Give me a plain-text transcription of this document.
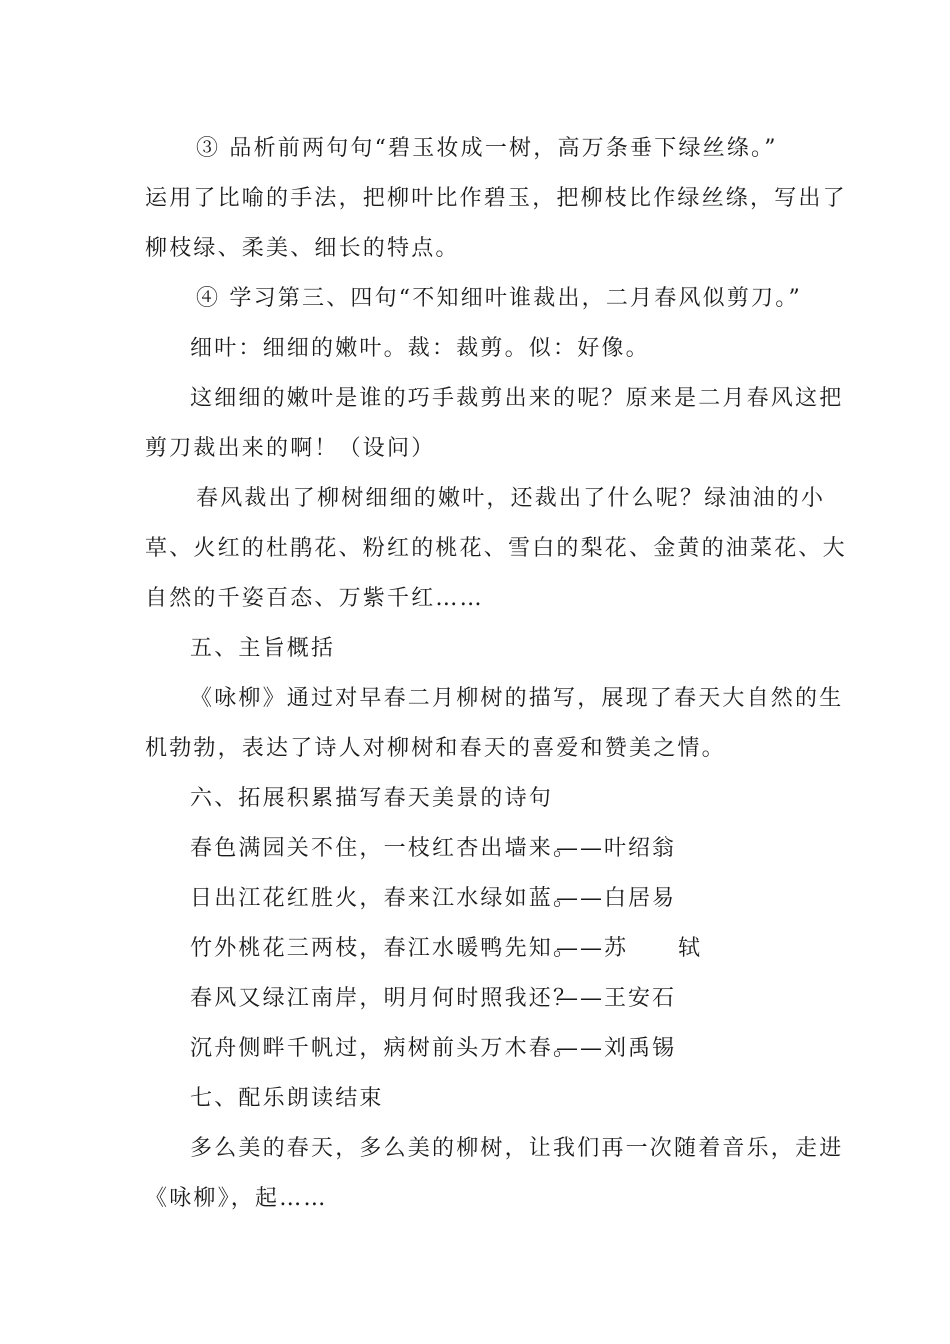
③ 品析前两句句“碧玉妆成一树，高万条垂下绿丝绦。”
运用了比喻的手法，把柳叶比作碧玉，把柳枝比作绿丝绦，写出了
柳枝绿、柔美、细长的特点。
④ 学习第三、四句“不知细叶谁裁出，二月春风似剪刀。”
细叶：细细的嫩叶。裁：裁剪。似：好像。
这细细的嫩叶是谁的巧手裁剪出来的呢？原来是二月春风这把
剪刀裁出来的啊！（设问）
春风裁出了柳树细细的嫩叶，还裁出了什么呢？绿油油的小
草、火红的杜鹃花、粉红的桃花、雪白的梨花、金黄的油菜花、大
自然的千姿百态、万紫千红……
五、主旨概括
《咏柳》通过对早春二月柳树的描写，展现了春天大自然的生
机勃勃，表达了诗人对柳树和春天的喜爱和赞美之情。
六、拓展积累描写春天美景的诗句
春色满园关不住，一枝红杏出墙来。
——叶绍翁
日出江花红胜火，春来江水绿如蓝。
——白居易
竹外桃花三两枝，春江水暖鸭先知。
——苏 轼
春风又绿江南岸，明月何时照我还？
——王安石
沉舟侧畔千帆过，病树前头万木春。
——刘禹锡
七、配乐朗读结束
多么美的春天，多么美的柳树，让我们再一次随着音乐，走进
《咏柳》，起……
